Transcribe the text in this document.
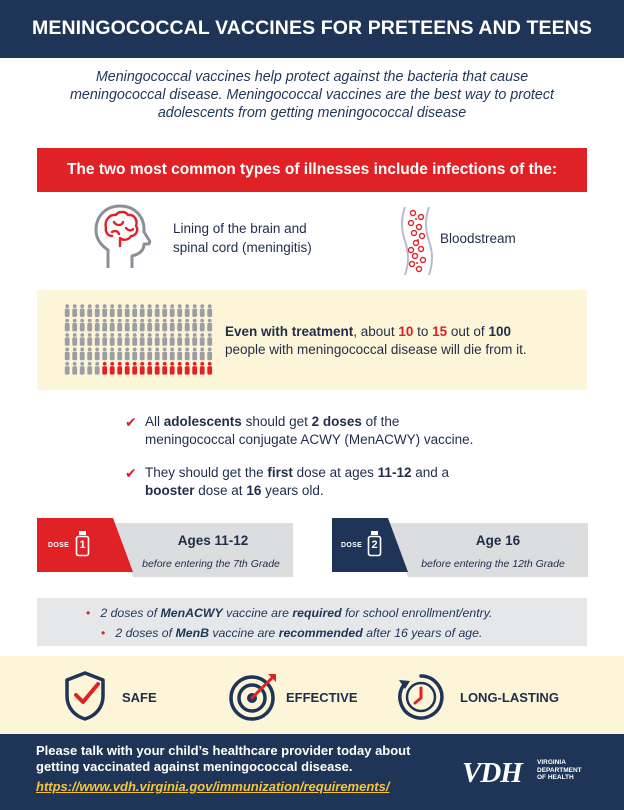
MENINGOCOCCAL VACCINES FOR PRETEENS AND TEENS
Meningococcal vaccines help protect against the bacteria that cause
meningococcal disease. Meningococcal vaccines are the best way to protect
adolescents from getting meningococcal disease
The two most common types of illnesses include infections of the:
Lining of the brain and
spinal cord (meningitis)
Bloodstream
Even with treatment, about 10 to 15 out of 100
people with meningococcal disease will die from it.
✔ All adolescents should get 2 doses of the
meningococcal conjugate ACWY (MenACWY) vaccine.
✔ They should get the first dose at ages 11-12 and a
booster dose at 16 years old.
DOSE 1	Ages 11-12
before entering the 7th Grade
DOSE 2	Age 16
before entering the 12th Grade
• 2 doses of MenACWY vaccine are required for school enrollment/entry.
• 2 doses of MenB vaccine are recommended after 16 years of age.
SAFE	EFFECTIVE	LONG-LASTING
Please talk with your child’s healthcare provider today about
getting vaccinated against meningococcal disease.
https://www.vdh.virginia.gov/immunization/requirements/	VDH VIRGINIA
DEPARTMENT
OF HEALTH
